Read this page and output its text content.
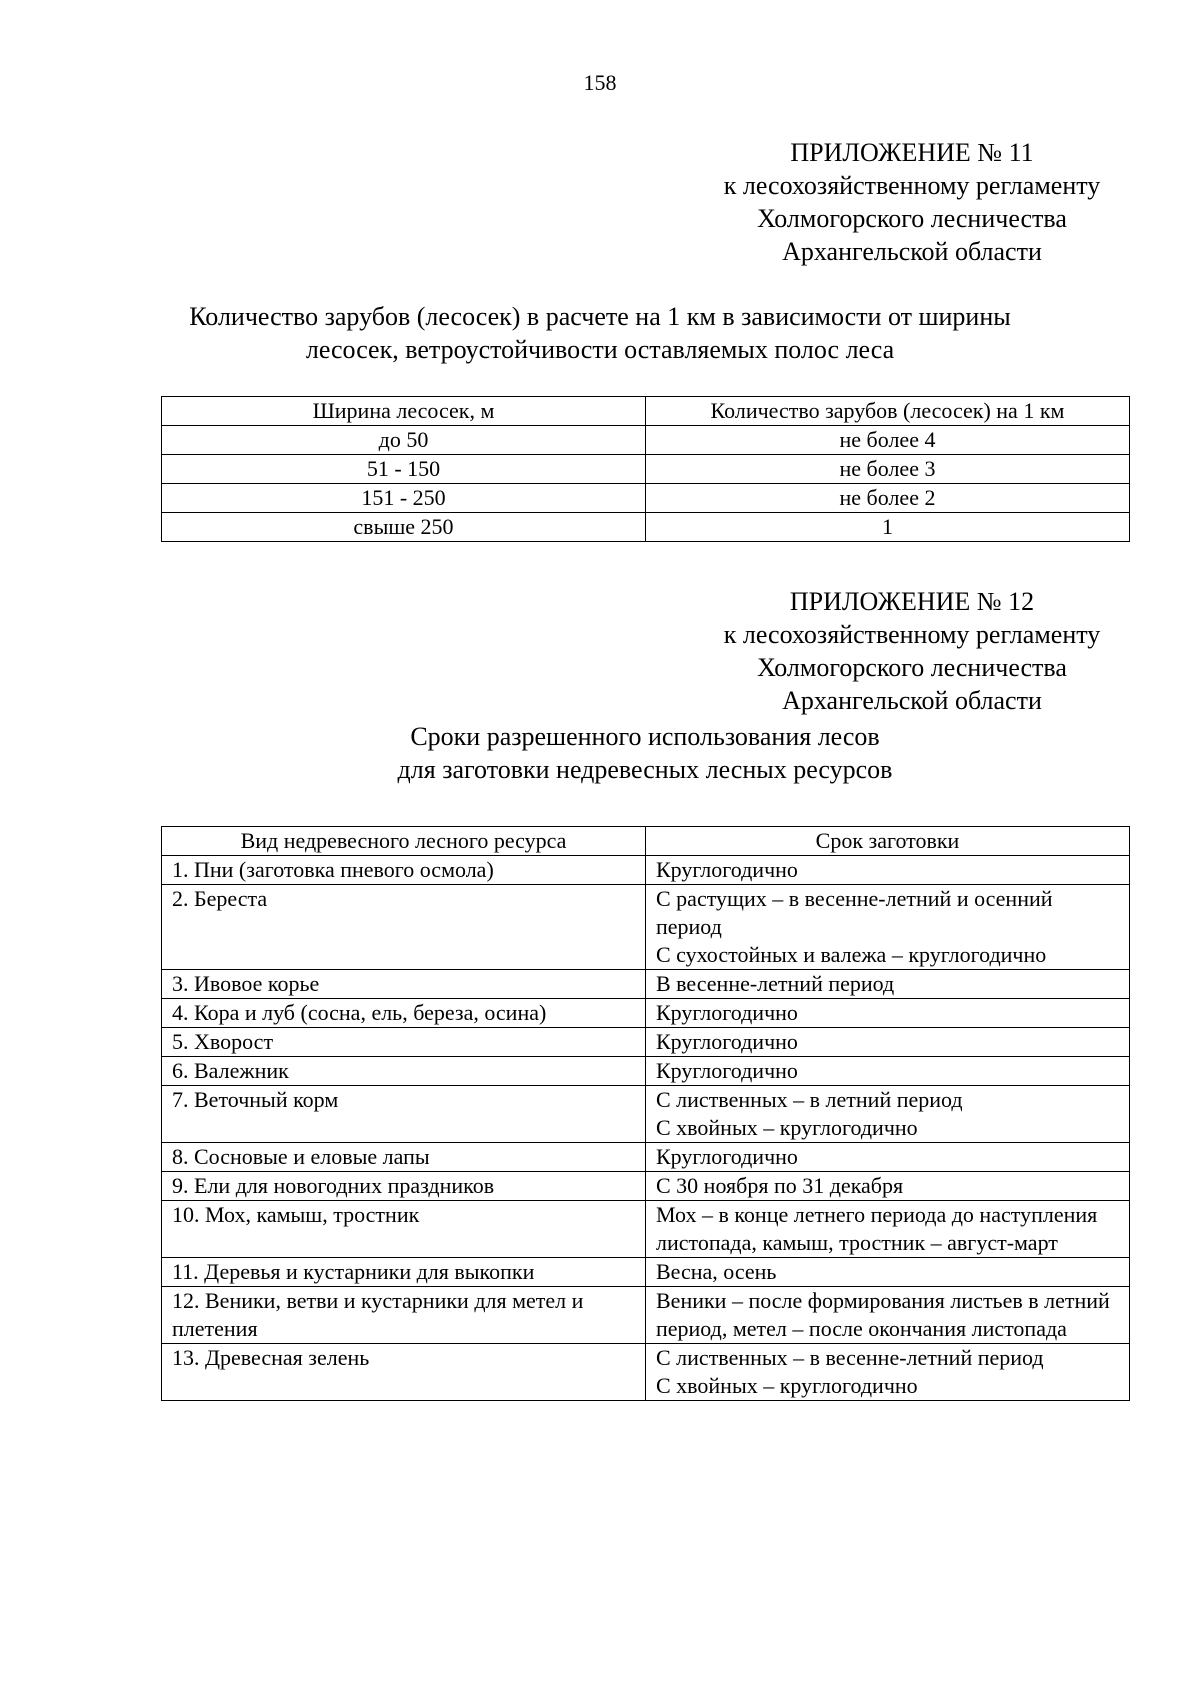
158
ПРИЛОЖЕНИЕ № 11
к лесохозяйственному регламенту
Холмогорского лесничества
Архангельской области
Количество зарубов (лесосек) в расчете на 1 км в зависимости от ширины
лесосек, ветроустойчивости оставляемых полос леса
Ширина лесосек, м	Количество зарубов (лесосек) на 1 км
до 50	не более 4
51 - 150	не более 3
151 - 250	не более 2
свыше 250	1
ПРИЛОЖЕНИЕ № 12
к лесохозяйственному регламенту
Холмогорского лесничества
Архангельской области
Сроки разрешенного использования лесов
для заготовки недревесных лесных ресурсов
Вид недревесного лесного ресурса	Срок заготовки
1. Пни (заготовка пневого осмола)	Круглогодично
2. Береста	С растущих – в весенне-летний и осенний период
С сухостойных и валежа – круглогодично
3. Ивовое корье	В весенне-летний период
4. Кора и луб (сосна, ель, береза, осина)	Круглогодично
5. Хворост	Круглогодично
6. Валежник	Круглогодично
7. Веточный корм	С лиственных – в летний период
С хвойных – круглогодично
8. Сосновые и еловые лапы	Круглогодично
9. Ели для новогодних праздников	С 30 ноября по 31 декабря
10. Мох, камыш, тростник	Мох – в конце летнего периода до наступления листопада, камыш, тростник – август-март
11. Деревья и кустарники для выкопки	Весна, осень
12. Веники, ветви и кустарники для метел и плетения	Веники – после формирования листьев в летний период, метел – после окончания листопада
13. Древесная зелень	С лиственных – в весенне-летний период
С хвойных – круглогодично
